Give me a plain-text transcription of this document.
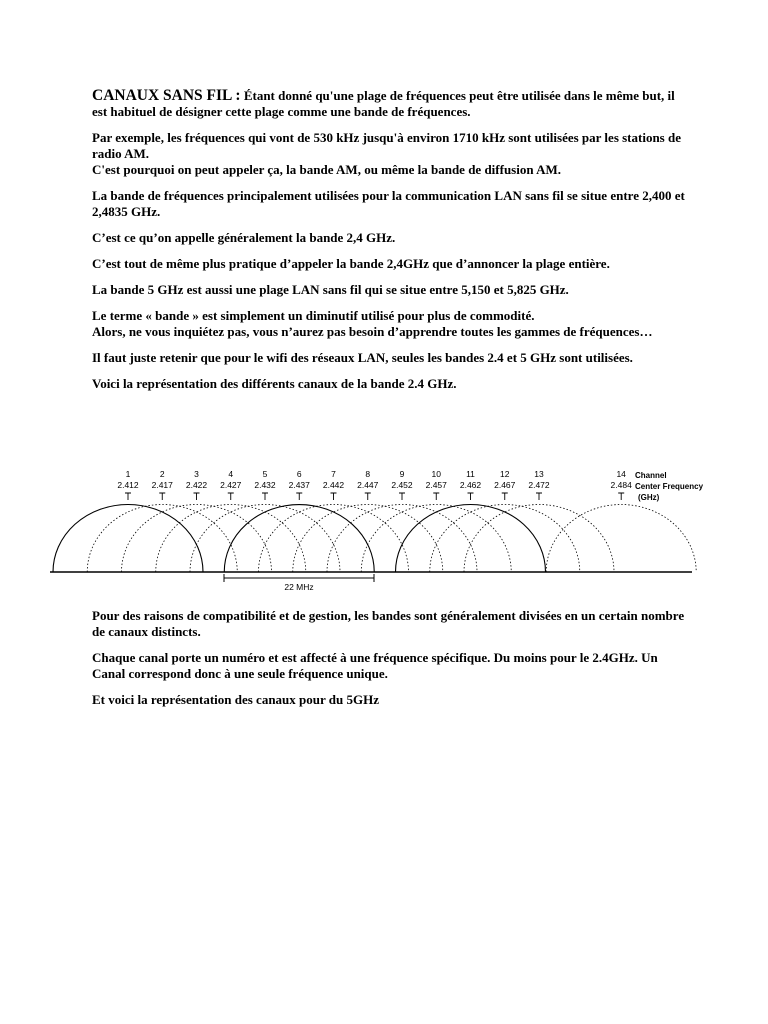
CANAUX SANS FIL : Étant donné qu'une plage de fréquences peut être utilisée dans le même but, il est habituel de désigner cette plage comme une bande de fréquences.

Par exemple, les fréquences qui vont de 530 kHz jusqu'à environ 1710 kHz sont utilisées par les stations de radio AM.
C'est pourquoi on peut appeler ça, la bande AM, ou même la bande de diffusion AM.

La bande de fréquences principalement utilisées pour la communication LAN sans fil se situe entre 2,400 et 2,4835 GHz.

C’est ce qu’on appelle généralement la bande 2,4 GHz.

C’est tout de même plus pratique d’appeler la bande 2,4GHz que d’annoncer la plage entière.

La bande 5 GHz est aussi une plage LAN sans fil qui se situe entre 5,150 et 5,825 GHz.

Le terme « bande » est simplement un diminutif utilisé pour plus de commodité.
Alors, ne vous inquiétez pas, vous n’aurez pas besoin d’apprendre toutes les gammes de fréquences…

Il faut juste retenir que pour le wifi des réseaux LAN, seules les bandes 2.4 et 5 GHz sont utilisées.

Voici la représentation des différents canaux de la bande 2.4 GHz.

1
2.412
2
2.417
3
2.422
4
2.427
5
2.432
6
2.437
7
2.442
8
2.447
9
2.452
10
2.457
11
2.462
12
2.467
13
2.472
14
2.484
22 MHz
Channel
Center Frequency
(GHz)

Pour des raisons de compatibilité et de gestion, les bandes sont généralement divisées en un certain nombre de canaux distincts.

Chaque canal porte un numéro et est affecté à une fréquence spécifique. Du moins pour le 2.4GHz. Un Canal correspond donc à une seule fréquence unique.

Et voici la représentation des canaux pour du 5GHz
